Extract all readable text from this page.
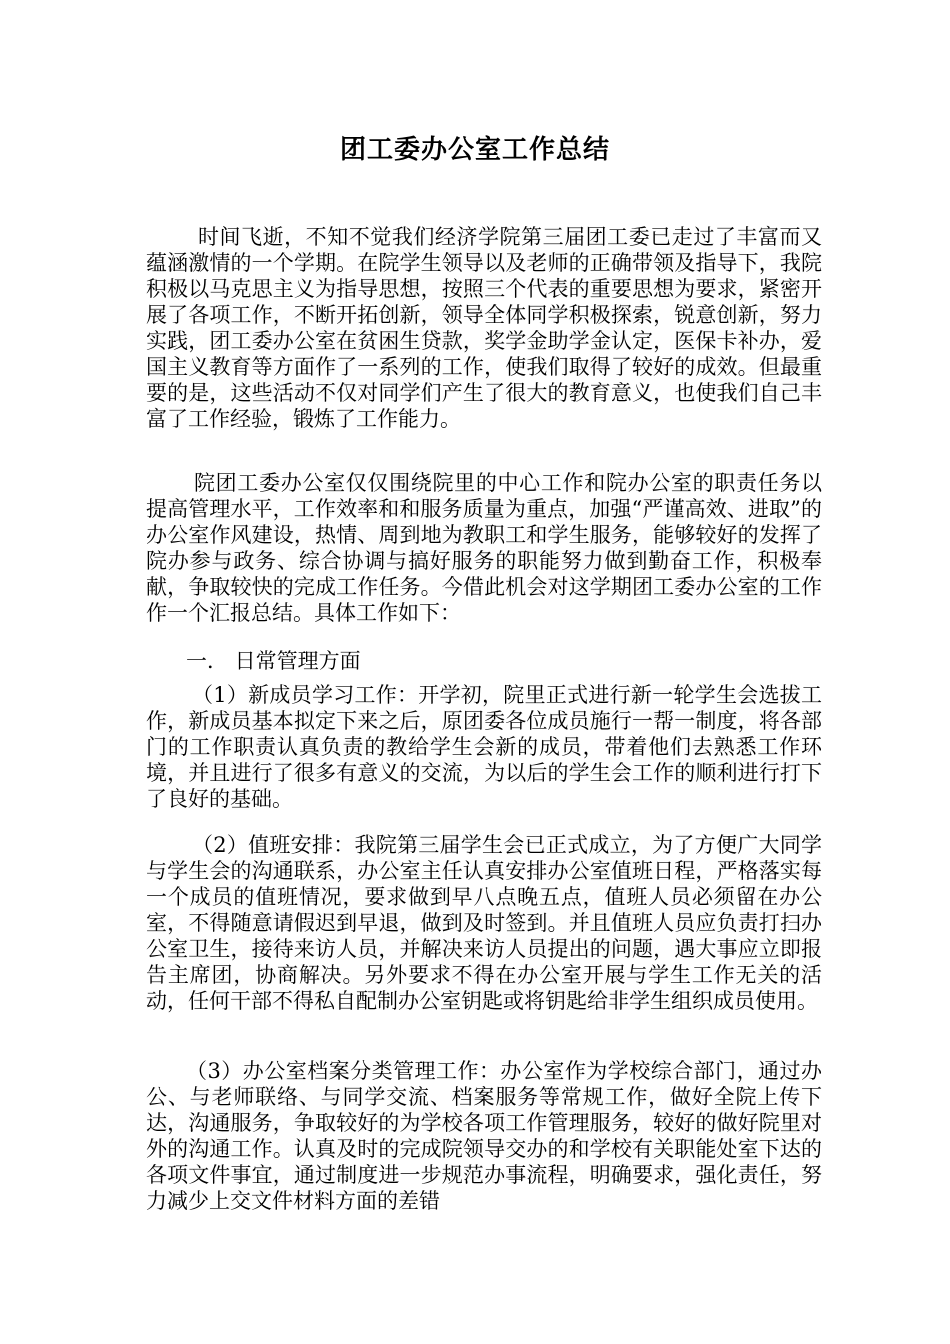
团工委办公室工作总结

时间飞逝，不知不觉我们经济学院第三届团工委已走过了丰富而又蕴涵激情的一个学期。在院学生领导以及老师的正确带领及指导下，我院积极以马克思主义为指导思想，按照三个代表的重要思想为要求，紧密开展了各项工作，不断开拓创新，领导全体同学积极探索，锐意创新，努力实践，团工委办公室在贫困生贷款，奖学金助学金认定，医保卡补办，爱国主义教育等方面作了一系列的工作，使我们取得了较好的成效。但最重要的是，这些活动不仅对同学们产生了很大的教育意义，也使我们自己丰富了工作经验，锻炼了工作能力。

院团工委办公室仅仅围绕院里的中心工作和院办公室的职责任务以提高管理水平，工作效率和和服务质量为重点，加强“严谨高效、进取”的办公室作风建设，热情、周到地为教职工和学生服务，能够较好的发挥了院办参与政务、综合协调与搞好服务的职能努力做到勤奋工作，积极奉献，争取较快的完成工作任务。今借此机会对这学期团工委办公室的工作作一个汇报总结。具体工作如下：

一． 日常管理方面

（1）新成员学习工作：开学初，院里正式进行新一轮学生会选拔工作，新成员基本拟定下来之后，原团委各位成员施行一帮一制度，将各部门的工作职责认真负责的教给学生会新的成员，带着他们去熟悉工作环境，并且进行了很多有意义的交流，为以后的学生会工作的顺利进行打下了良好的基础。

（2）值班安排：我院第三届学生会已正式成立，为了方便广大同学与学生会的沟通联系，办公室主任认真安排办公室值班日程，严格落实每一个成员的值班情况，要求做到早八点晚五点，值班人员必须留在办公室，不得随意请假迟到早退，做到及时签到。并且值班人员应负责打扫办公室卫生，接待来访人员，并解决来访人员提出的问题，遇大事应立即报告主席团，协商解决。另外要求不得在办公室开展与学生工作无关的活动，任何干部不得私自配制办公室钥匙或将钥匙给非学生组织成员使用。

（3）办公室档案分类管理工作：办公室作为学校综合部门，通过办公、与老师联络、与同学交流、档案服务等常规工作，做好全院上传下达，沟通服务，争取较好的为学校各项工作管理服务，较好的做好院里对外的沟通工作。认真及时的完成院领导交办的和学校有关职能处室下达的各项文件事宜，通过制度进一步规范办事流程，明确要求，强化责任，努力减少上交文件材料方面的差错
